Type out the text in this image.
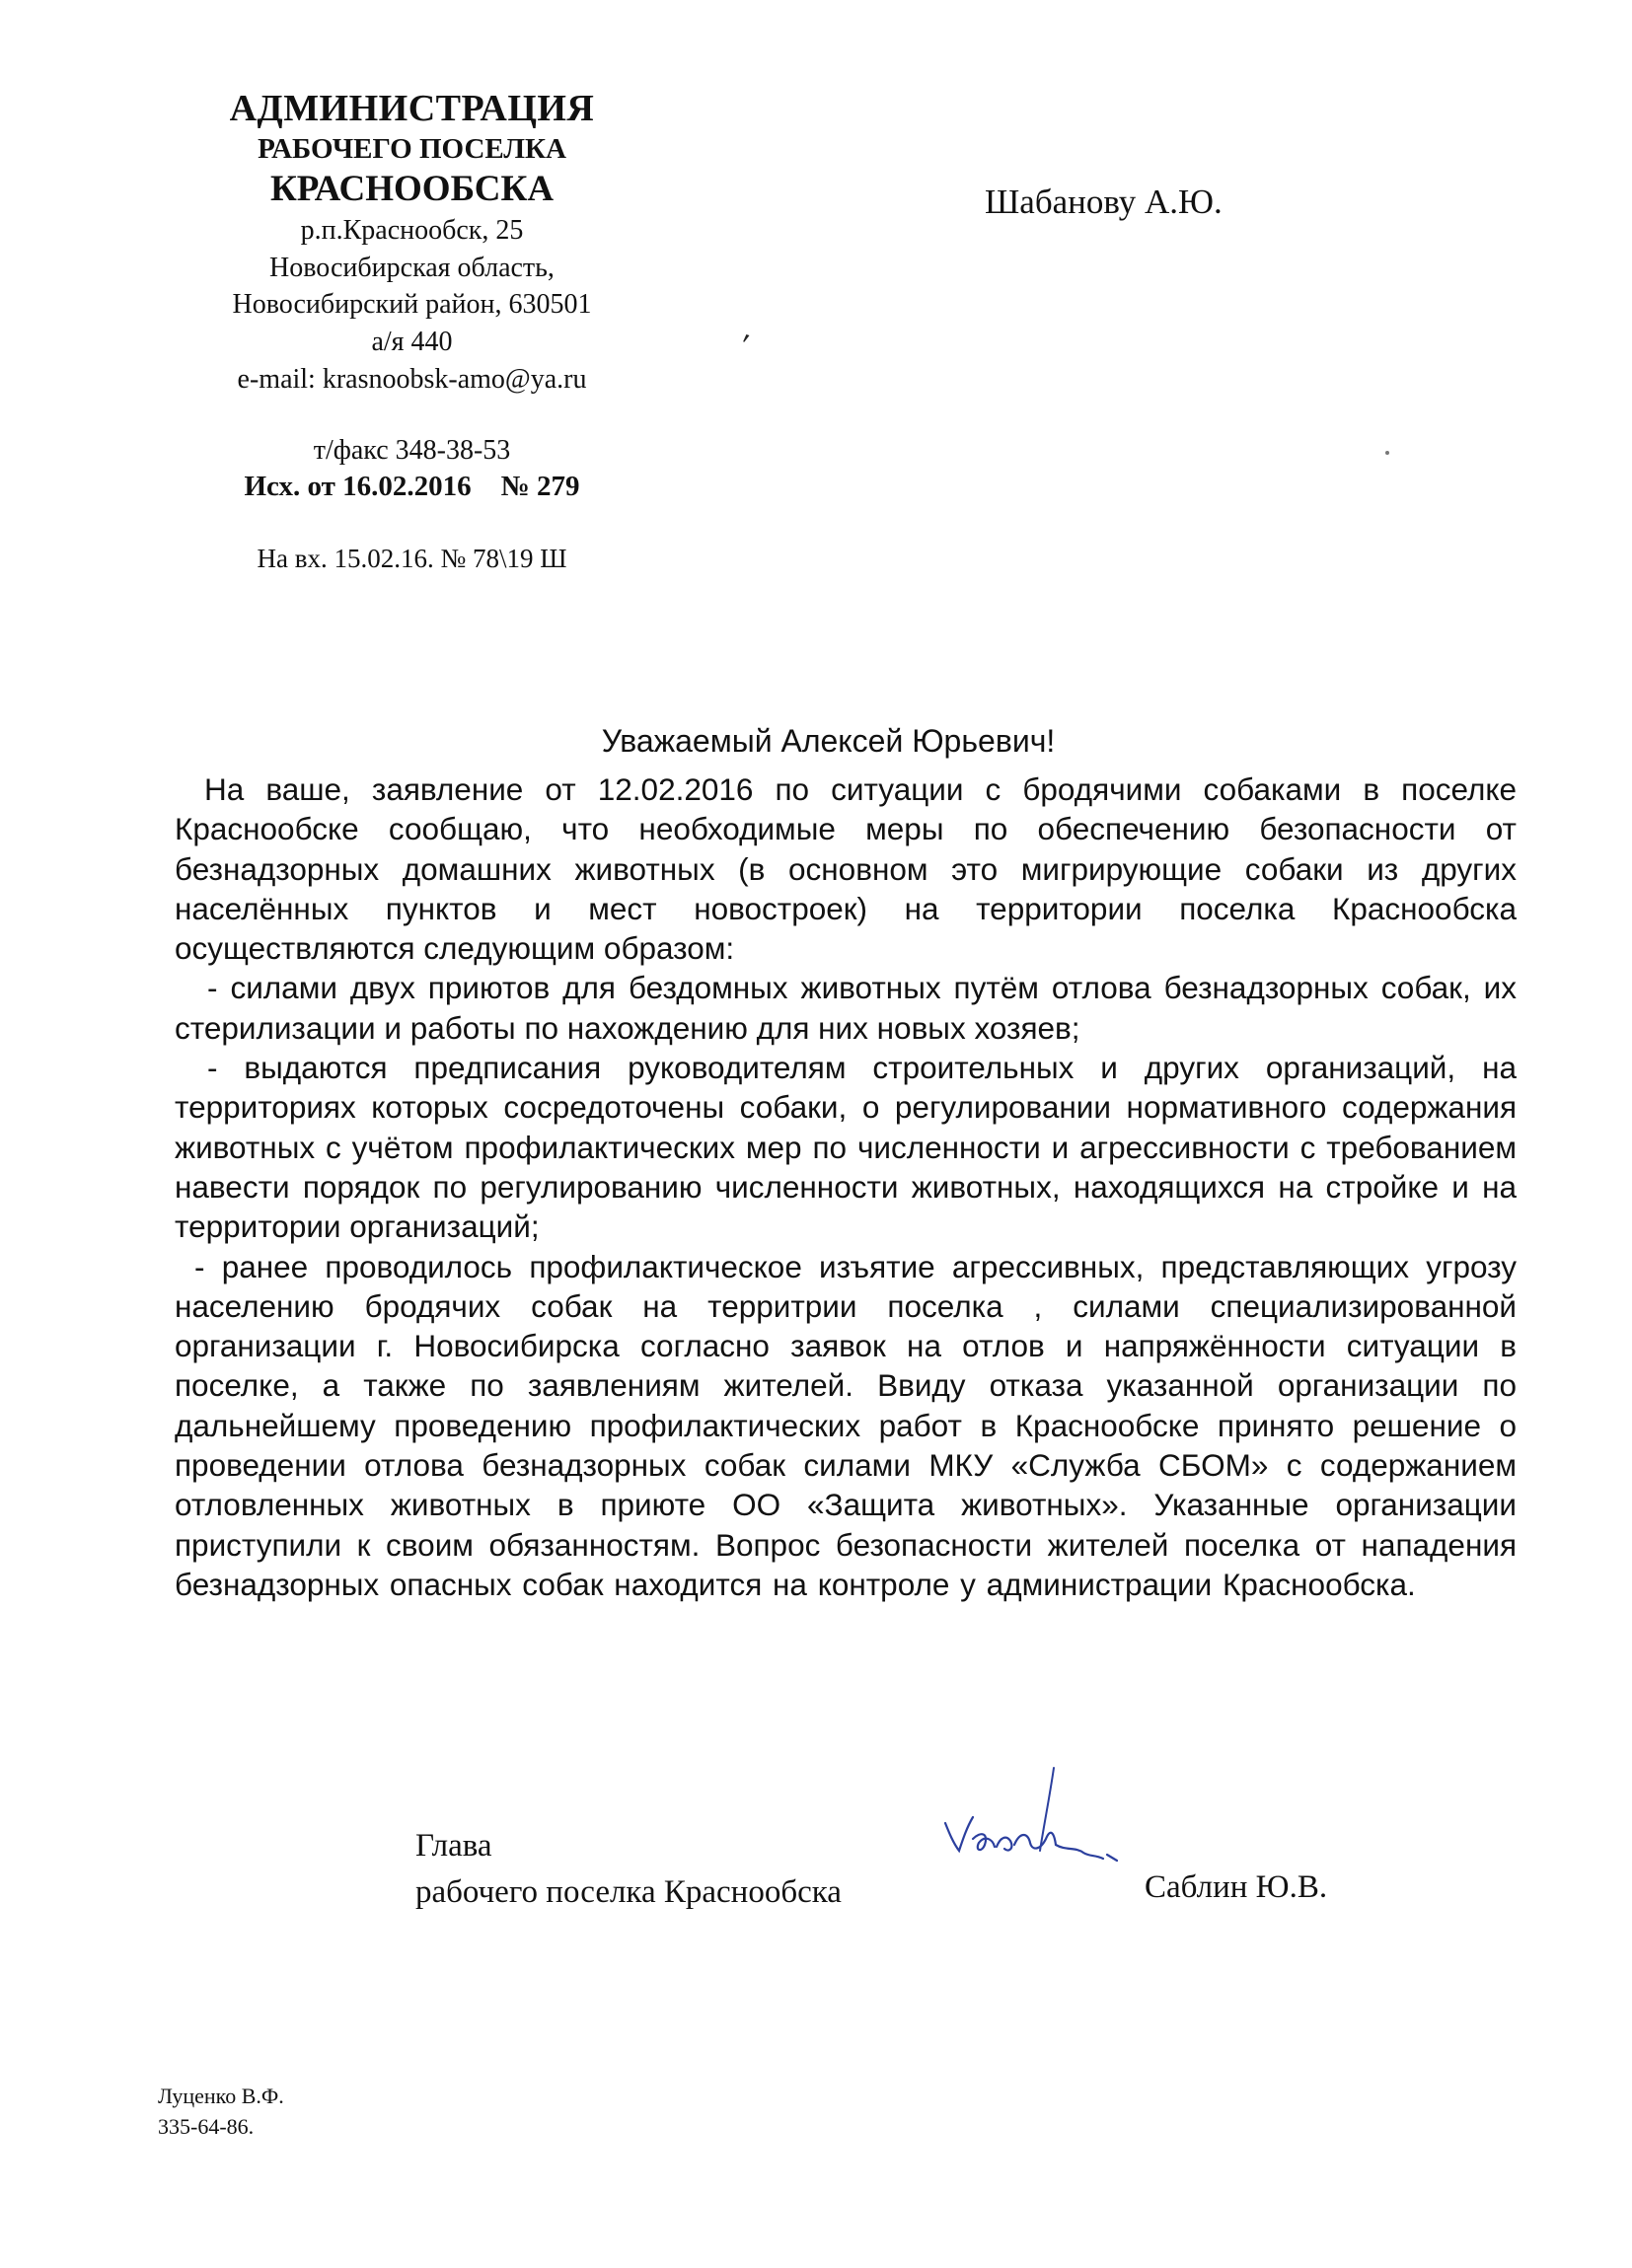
АДМИНИСТРАЦИЯ
РАБОЧЕГО ПОСЕЛКА
КРАСНООБСКА
р.п.Краснообск, 25
Новосибирская область,
Новосибирский район, 630501
а/я 440
e-mail: krasnoobsk-amo@ya.ru
т/факс 348-38-53
Исх. от 16.02.2016 № 279
На вх. 15.02.16. № 78\19 Ш
Шабанову А.Ю.
′
Уважаемый Алексей Юрьевич!

На ваше, заявление от 12.02.2016 по ситуации с бродячими собаками в поселке Краснообске сообщаю, что необходимые меры по обеспечению безопасности от безнадзорных домашних животных (в основном это мигрирующие собаки из других населённых пунктов и мест новостроек) на территории поселка Краснообска осуществляются следующим образом:

- силами двух приютов для бездомных животных путём отлова безнадзорных собак, их стерилизации и работы по нахождению для них новых хозяев;

- выдаются предписания руководителям строительных и других организаций, на территориях которых сосредоточены собаки, о регулировании нормативного содержания животных с учётом профилактических мер по численности и агрессивности с требованием навести порядок по регулированию численности животных, находящихся на стройке и на территории организаций;

- ранее проводилось профилактическое изъятие агрессивных, представляющих угрозу населению бродячих собак на территрии поселка , силами специализированной организации г. Новосибирска согласно заявок на отлов и напряжённости ситуации в поселке, а также по заявлениям жителей. Ввиду отказа указанной организации по дальнейшему проведению профилактических работ в Краснообске принято решение о проведении отлова безнадзорных собак силами МКУ «Служба СБОМ» с содержанием отловленных животных в приюте ОО «Защита животных». Указанные организации приступили к своим обязанностям. Вопрос безопасности жителей поселка от нападения безнадзорных опасных собак находится на контроле у администрации Краснообска.

Глава
рабочего поселка Краснообска	Саблин Ю.В.
Луценко В.Ф.
335-64-86.
